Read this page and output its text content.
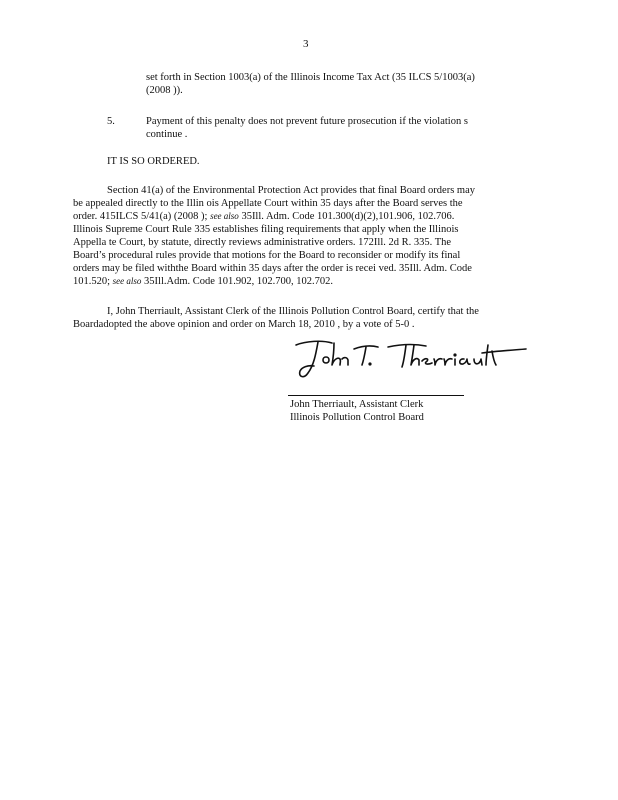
3

set forth in Section 1003(a) of the Illinois Income Tax Act (35 ILCS 5/1003(a)

(2008 )).

5.	Payment of this penalty does not prevent future prosecution if the violation s

continue .

IT IS SO ORDERED.

Section 41(a) of the Environmental Protection Act provides that final Board orders may

be appealed directly to the Illin ois Appellate Court within 35 days after the Board serves the

order. 415ILCS 5/41(a) (2008 ); see also 35Ill. Adm. Code 101.300(d)(2),101.906, 102.706.

Illinois Supreme Court Rule 335 establishes filing requirements that apply when the Illinois

Appella te Court, by statute, directly reviews administrative orders. 172Ill. 2d R. 335. The

Board’s procedural rules provide that motions for the Board to reconsider or modify its final

orders may be filed withthe Board within 35 days after the order is recei ved. 35Ill. Adm. Code

101.520; see also 35Ill.Adm. Code 101.902, 102.700, 102.702.

I, John Therriault, Assistant Clerk of the Illinois Pollution Control Board, certify that the

Boardadopted the above opinion and order on March 18, 2010 , by a vote of 5-0 .

John Therriault, Assistant Clerk

Illinois Pollution Control Board
